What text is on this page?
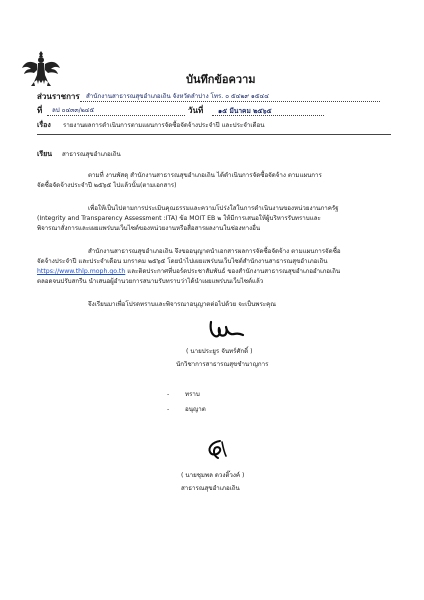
บันทึกข้อความ
ส่วนราชการ สำนักงานสาธารณสุขอำเภอเถิน จังหวัดลำปาง โทร. ๐ ๕๔๒๙ ๑๕๔๔
ที่ ลป ๐๔๓๓/๒๔๕	วันที่ ๑๕ มีนาคม ๒๕๖๕
เรื่อง รายงานผลการดำเนินการตามแผนการจัดซื้อจัดจ้างประจำปี และประจำเดือน
เรียน สาธารณสุขอำเภอเถิน
ตามที่ งานพัสดุ สำนักงานสาธารณสุขอำเภอเถิน ได้ดำเนินการจัดซื้อจัดจ้าง ตามแผนการ
จัดซื้อจัดจ้างประจำปี ๒๕๖๕ ไปแล้วนั้น(ตามเอกสาร)
เพื่อให้เป็นไปตามการประเมินคุณธรรมและความโปร่งใสในการดำเนินงานของหน่วยงานภาครัฐ
(Integrity and Transparency Assessment :ITA) ข้อ MOIT EB ๒ ให้มีการเสนอให้ผู้บริหารรับทราบและ
พิจารณาสั่งการและเผยแพร่บนเว็บไซต์ของหน่วยงานหรือสื่อสารผลงานในช่องทางอื่น
สำนักงานสาธารณสุขอำเภอเถิน จึงขออนุญาตนำเอกสารผลการจัดซื้อจัดจ้าง ตามแผนการจัดซื้อ
จัดจ้างประจำปี และประจำเดือน มกราคม ๒๕๖๕ โดยนำไปเผยแพร่บนเว็บไซต์สำนักงานสาธารณสุขอำเภอเถิน
https://www.thlp.moph.go.th และติดประกาศที่บอร์ดประชาสัมพันธ์ ของสำนักงานสาธารณสุขอำเภออำเภอเถิน
ตลอดจนปรับสกรีน นำเสนอผู้อำนวยการสนามรับทราบว่าได้นำเผยแพร่บนเว็บไซต์แล้ว
จึงเรียนมาเพื่อโปรดทราบและพิจารณาอนุญาตต่อไปด้วย จะเป็นพระคุณ
( นายประยูร จันทร์ศักดิ์ )
นักวิชาการสาธารณสุขชำนาญการ
-	ทราบ
-	อนุญาต
( นายชุมพล ดวงติ๊วงค์ )
สาธารณสุขอำเภอเถิน
